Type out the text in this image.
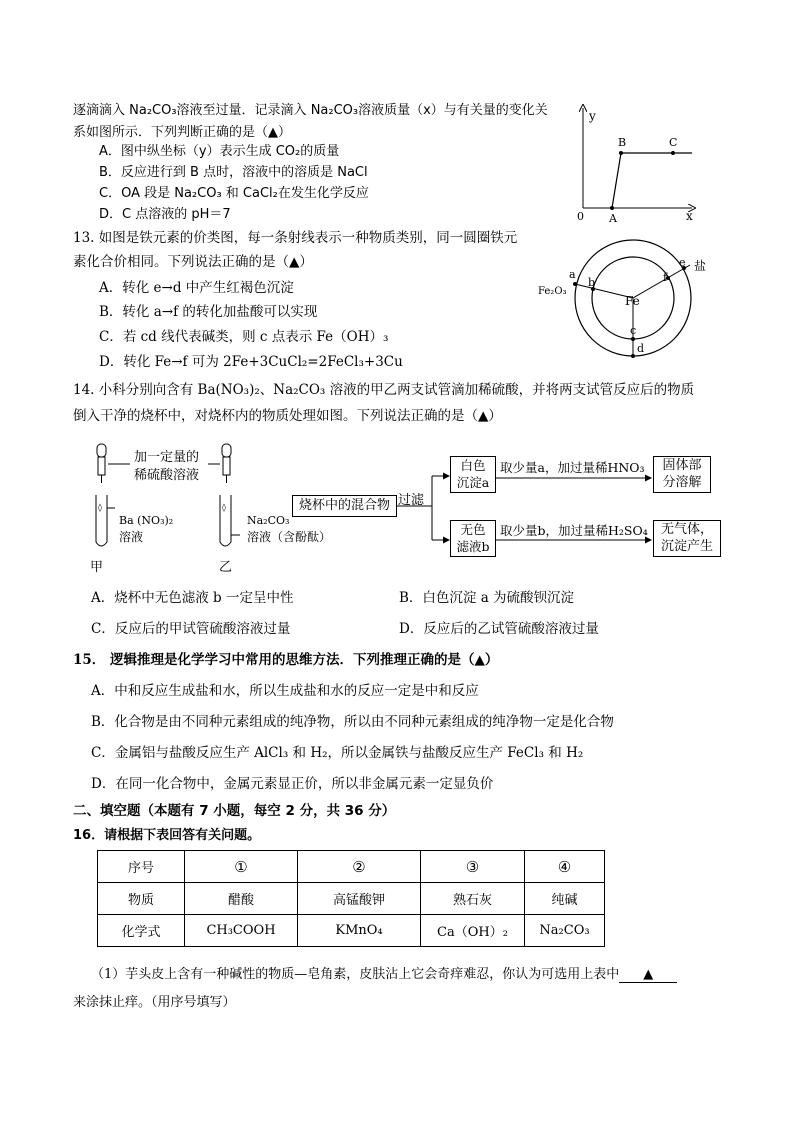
逐滴滴入 Na₂CO₃溶液至过量．记录滴入 Na₂CO₃溶液质量（x）与有关量的变化关
系如图所示．下列判断正确的是（▲）
A．图中纵坐标（y）表示生成 CO₂的质量
B．反应进行到 B 点时，溶液中的溶质是 NaCl
C．OA 段是 Na₂CO₃ 和 CaCl₂在发生化学反应
D．C 点溶液的 pH＝7
y
x
0 A
B	C
13. 如图是铁元素的价类图，每一条射线表示一种物质类别，同一圆圈铁元
素化合价相同。下列说法正确的是（▲）
A．转化 e→d 中产生红褐色沉淀
B．转化 a→f 的转化加盐酸可以实现
C．若 cd 线代表碱类，则 c 点表示 Fe（OH）₃
D．转化 Fe→f 可为 2Fe+3CuCl₂=2FeCl₃+3Cu
Fe
Fe₂O₃
盐
a
b
c
d
e
f
14. 小科分别向含有 Ba(NO₃)₂、Na₂CO₃ 溶液的甲乙两支试管滴加稀硫酸，并将两支试管反应后的物质
倒入干净的烧杯中，对烧杯内的物质处理如图。下列说法正确的是（▲）
◊	◊
加一定量的
稀硫酸溶液
Ba (NO₃)₂
溶液
甲
Na₂CO₃
溶液（含酚酞）
乙
烧杯中的混合物 过滤
白色
沉淀a
取少量a，加过量稀HNO₃	固体部
分溶解
无色
滤液b
取少量b，加过量稀H₂SO₄	无气体，
沉淀产生
A．烧杯中无色滤液 b 一定呈中性	B．白色沉淀 a 为硫酸钡沉淀
C．反应后的甲试管硫酸溶液过量	D．反应后的乙试管硫酸溶液过量
15． 逻辑推理是化学学习中常用的思维方法．下列推理正确的是（▲）
A．中和反应生成盐和水，所以生成盐和水的反应一定是中和反应
B．化合物是由不同种元素组成的纯净物，所以由不同种元素组成的纯净物一定是化合物
C．金属铝与盐酸反应生产 AlCl₃ 和 H₂，所以金属铁与盐酸反应生产 FeCl₃ 和 H₂
D．在同一化合物中，金属元素显正价，所以非金属元素一定显负价
二、填空题（本题有 7 小题，每空 2 分，共 36 分）
16．请根据下表回答有关问题。
序号	①	②	③	④
物质	醋酸	高锰酸钾	熟石灰	纯碱
化学式	CH₃COOH	KMnO₄	Ca（OH）₂	Na₂CO₃
（1）芋头皮上含有一种碱性的物质—皂角素，皮肤沾上它会奇痒难忍，你认为可选用上表中 ▲
来涂抹止痒。（用序号填写）
